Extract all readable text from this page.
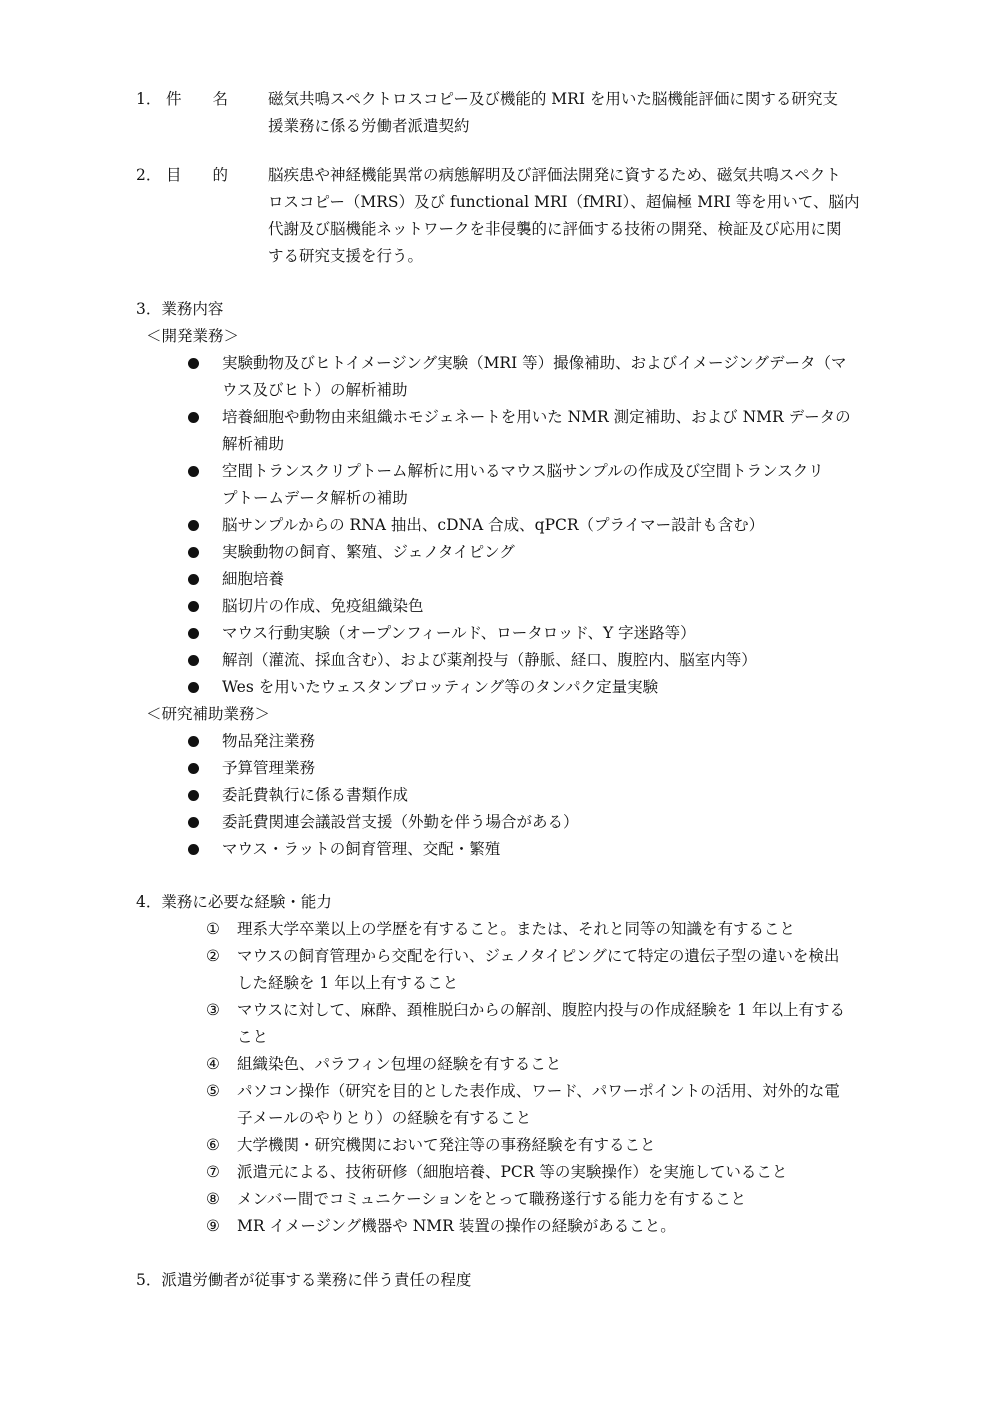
1． 件　　名	磁気共鳴スペクトロスコピー及び機能的 MRI を用いた脳機能評価に関する研究支
援業務に係る労働者派遣契約
2． 目　　的	脳疾患や神経機能異常の病態解明及び評価法開発に資するため、磁気共鳴スペクト
ロスコピー（MRS）及び functional MRI（fMRI）、超偏極 MRI 等を用いて、脳内
代謝及び脳機能ネットワークを非侵襲的に評価する技術の開発、検証及び応用に関
する研究支援を行う。
3．業務内容
＜開発業務＞
実験動物及びヒトイメージング実験（MRI 等）撮像補助、およびイメージングデータ（マ
ウス及びヒト）の解析補助
培養細胞や動物由来組織ホモジェネートを用いた NMR 測定補助、および NMR データの
解析補助
空間トランスクリプトーム解析に用いるマウス脳サンプルの作成及び空間トランスクリ
プトームデータ解析の補助
脳サンプルからの RNA 抽出、cDNA 合成、qPCR（プライマー設計も含む）
実験動物の飼育、繁殖、ジェノタイピング
細胞培養
脳切片の作成、免疫組織染色
マウス行動実験（オープンフィールド、ロータロッド、Y 字迷路等）
解剖（灌流、採血含む）、および薬剤投与（静脈、経口、腹腔内、脳室内等）
Wes を用いたウェスタンブロッティング等のタンパク定量実験
＜研究補助業務＞
物品発注業務
予算管理業務
委託費執行に係る書類作成
委託費関連会議設営支援（外勤を伴う場合がある）
マウス・ラットの飼育管理、交配・繁殖
4．業務に必要な経験・能力
① 理系大学卒業以上の学歴を有すること。または、それと同等の知識を有すること
② マウスの飼育管理から交配を行い、ジェノタイピングにて特定の遺伝子型の違いを検出
した経験を 1 年以上有すること
③ マウスに対して、麻酔、頚椎脱臼からの解剖、腹腔内投与の作成経験を 1 年以上有する
こと
④ 組織染色、パラフィン包埋の経験を有すること
⑤ パソコン操作（研究を目的とした表作成、ワード、パワーポイントの活用、対外的な電
子メールのやりとり）の経験を有すること
⑥ 大学機関・研究機関において発注等の事務経験を有すること
⑦ 派遣元による、技術研修（細胞培養、PCR 等の実験操作）を実施していること
⑧ メンバー間でコミュニケーションをとって職務遂行する能力を有すること
⑨ MR イメージング機器や NMR 装置の操作の経験があること。
5．派遣労働者が従事する業務に伴う責任の程度
